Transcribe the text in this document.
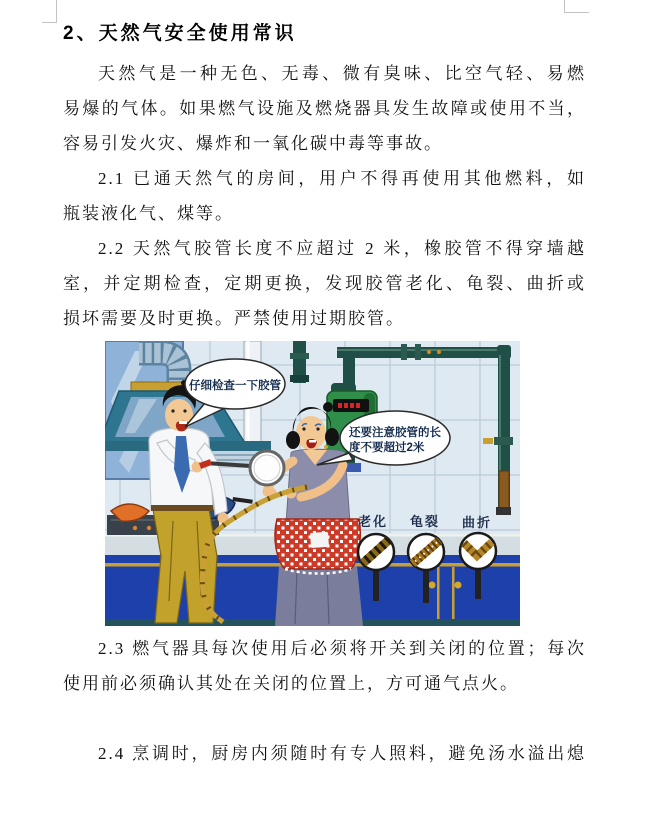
2、天然气安全使用常识
天然气是一种无色、无毒、微有臭味、比空气轻、易燃
易爆的气体。如果燃气设施及燃烧器具发生故障或使用不当，
容易引发火灾、爆炸和一氧化碳中毒等事故。
2.1 已通天然气的房间，用户不得再使用其他燃料，如
瓶装液化气、煤等。
2.2 天然气胶管长度不应超过 2 米，橡胶管不得穿墙越
室，并定期检查，定期更换，发现胶管老化、龟裂、曲折或
损坏需要及时更换。严禁使用过期胶管。
老化 龟裂 曲折
仔细检查一下胶管
还要注意胶管的长
度不要超过2米
2.3 燃气器具每次使用后必须将开关到关闭的位置；每次
使用前必须确认其处在关闭的位置上，方可通气点火。
2.4 烹调时，厨房内须随时有专人照料，避免汤水溢出熄
